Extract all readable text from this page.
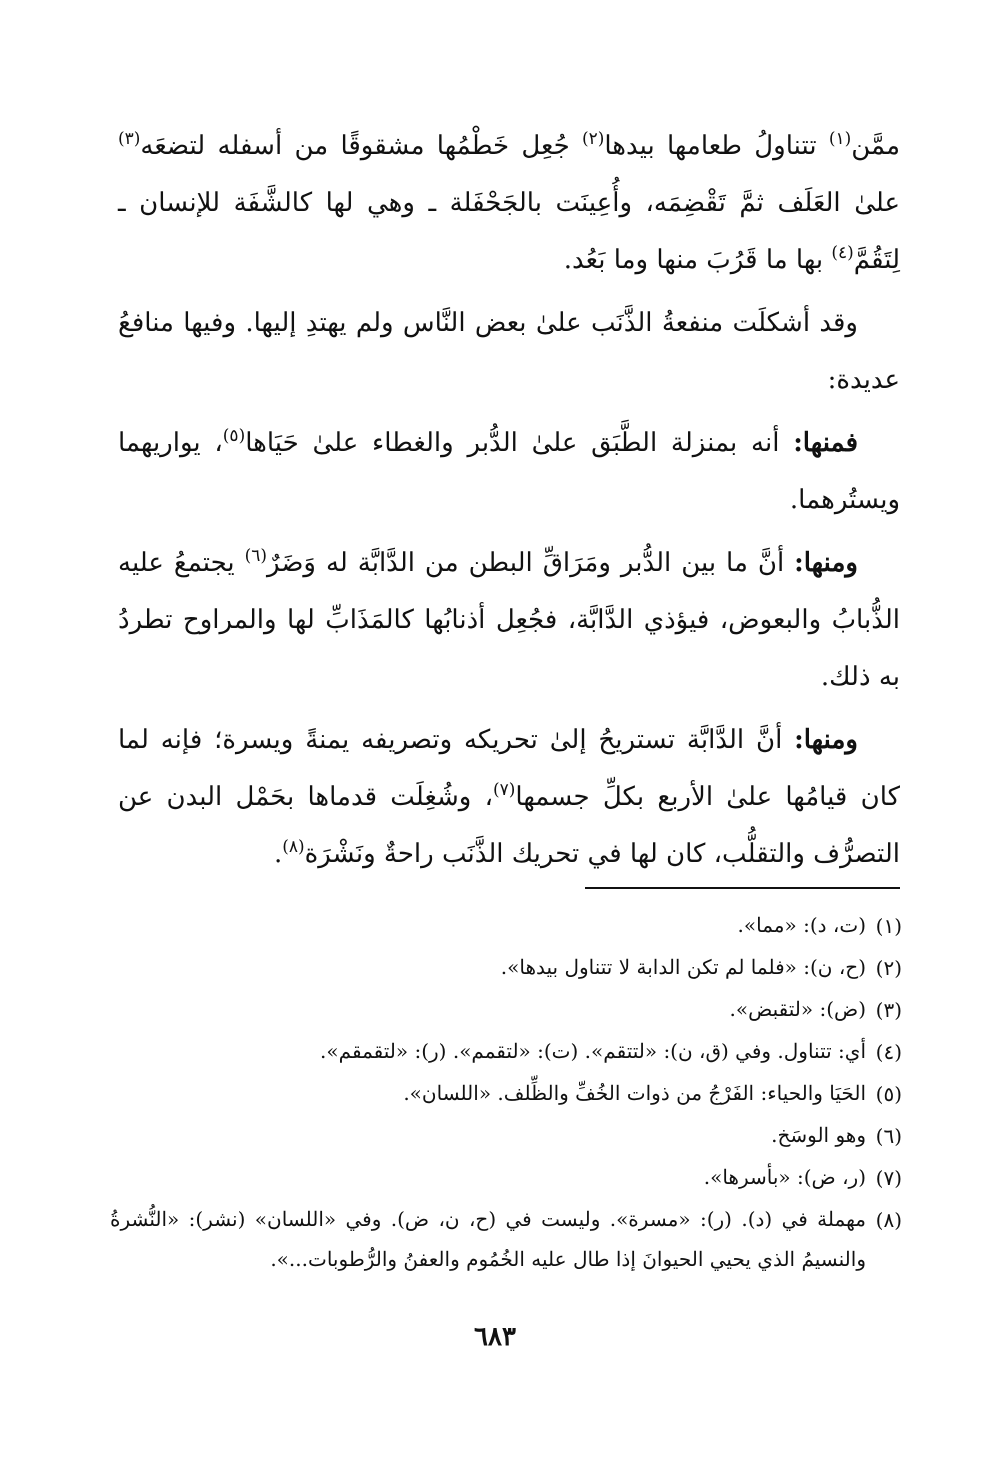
ممَّن$^{(١)}$ تتناولُ طعامها بيدها$^{(٢)}$ جُعِل خَطْمُها مشقوقًا من أسفله لتضعَه$^{(٣)}$ علىٰ العَلَف ثمَّ تَقْضِمَه، وأُعِينَت بالجَحْفَلة ـ وهي لها كالشَّفَة للإنسان ـ لِتَقُمَّ$^{(٤)}$ بها ما قَرُبَ منها وما بَعُد.

وقد أشكلَت منفعةُ الذَّنَب علىٰ بعض النَّاس ولم يهتدِ إليها. وفيها منافعُ عديدة:

فمنها: أنه بمنزلة الطَّبَق علىٰ الدُّبر والغطاء علىٰ حَيَاها$^{(٥)}$، يواريهما ويستُرهما.

ومنها: أنَّ ما بين الدُّبر ومَرَاقِّ البطن من الدَّابَّة له وَضَرٌ$^{(٦)}$ يجتمعُ عليه الذُّبابُ والبعوض، فيؤذي الدَّابَّة، فجُعِل أذنابُها كالمَذَابِّ لها والمراوح تطردُ به ذلك.

ومنها: أنَّ الدَّابَّة تستريحُ إلىٰ تحريكه وتصريفه يمنةً ويسرة؛ فإنه لما كان قيامُها علىٰ الأربع بكلِّ جسمها$^{(٧)}$، وشُغِلَت قدماها بحَمْل البدن عن التصرُّف والتقلُّب، كان لها في تحريك الذَّنَب راحةٌ ونَشْرَة$^{(٨)}$.

(١)
(ت، د): «مما».
(٢)
(ح، ن): «فلما لم تكن الدابة لا تتناول بيدها».
(٣)
(ض): «لتقبض».
(٤)
أي: تتناول. وفي (ق، ن): «لتتقم». (ت): «لتقمم». (ر): «لتقمقم».
(٥)
الحَيَا والحياء: الفَرْجُ من ذوات الخُفِّ والظِّلف. «اللسان».
(٦)
وهو الوسَخ.
(٧)
(ر، ض): «بأسرها».
(٨)
مهملة في (د). (ر): «مسرة». وليست في (ح، ن، ض). وفي «اللسان» (نشر): «النُّشرةُ والنسيمُ الذي يحيي الحيوانَ إذا طال عليه الخُمُوم والعفنُ والرُّطوبات...».
٦٨٣
